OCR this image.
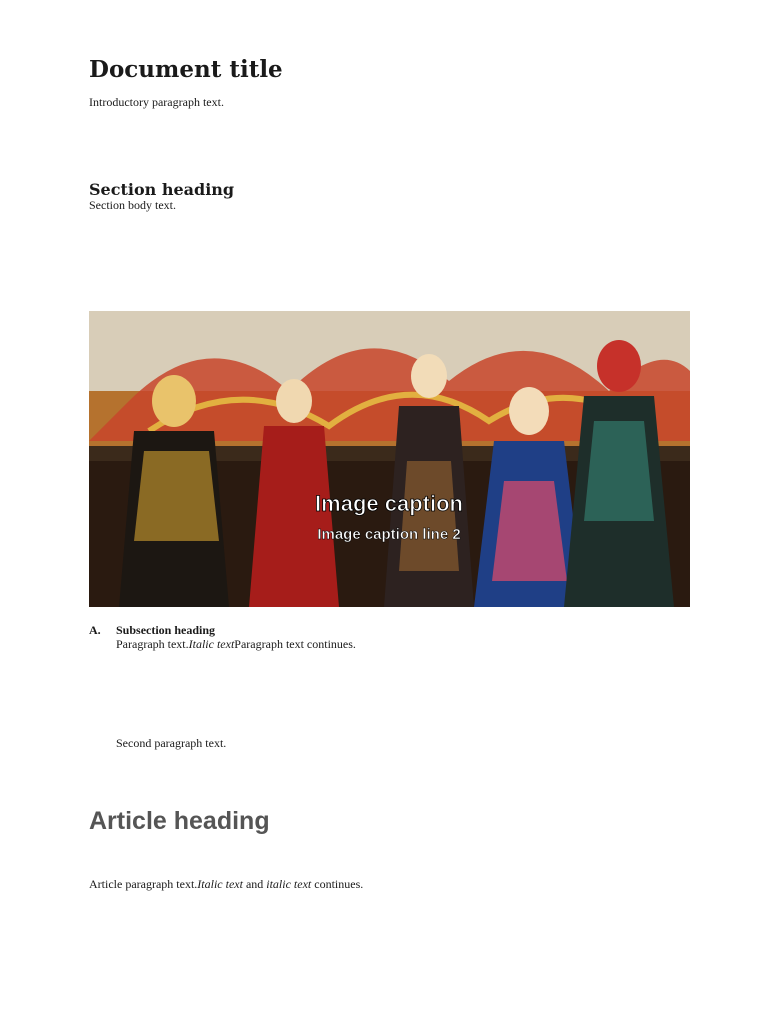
Document title

Introductory paragraph text.

Section heading

Section body text.

Image caption
Image caption line 2
A. Subsection heading

Paragraph text.Italic textParagraph text continues.

Second paragraph text.

Article heading

Article paragraph text.Italic text and italic text continues.
